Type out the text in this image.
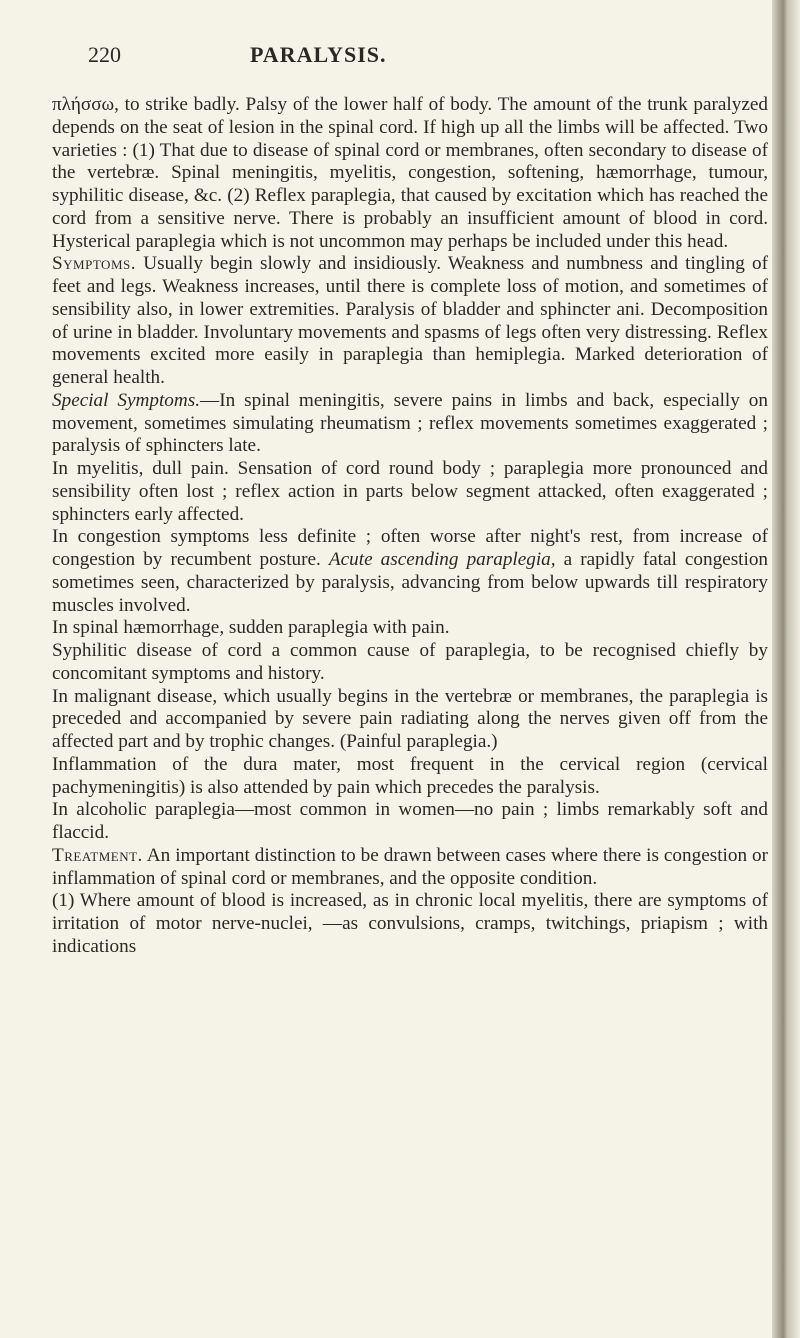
220	PARALYSIS.

πλήσσω, to strike badly. Palsy of the lower half of body. The amount of the trunk paralyzed depends on the seat of lesion in the spinal cord. If high up all the limbs will be affected. Two varieties : (1) That due to disease of spinal cord or membranes, often secondary to disease of the vertebræ. Spinal meningitis, myelitis, congestion, softening, hæmorrhage, tumour, syphilitic disease, &c. (2) Reflex paraplegia, that caused by excitation which has reached the cord from a sensitive nerve. There is probably an insufficient amount of blood in cord. Hysterical paraplegia which is not uncommon may perhaps be included under this head.

Symptoms. Usually begin slowly and insidiously. Weakness and numbness and tingling of feet and legs. Weakness increases, until there is complete loss of motion, and sometimes of sensibility also, in lower extremities. Paralysis of bladder and sphincter ani. Decomposition of urine in bladder. Involuntary movements and spasms of legs often very distressing. Reflex movements excited more easily in paraplegia than hemiplegia. Marked deterioration of general health.

Special Symptoms.—In spinal meningitis, severe pains in limbs and back, especially on movement, sometimes simulating rheumatism ; reflex movements sometimes exaggerated ; paralysis of sphincters late.

In myelitis, dull pain. Sensation of cord round body ; paraplegia more pronounced and sensibility often lost ; reflex action in parts below segment attacked, often exaggerated ; sphincters early affected.

In congestion symptoms less definite ; often worse after night's rest, from increase of congestion by recumbent posture. Acute ascending paraplegia, a rapidly fatal congestion sometimes seen, characterized by paralysis, advancing from below upwards till respiratory muscles involved.

In spinal hæmorrhage, sudden paraplegia with pain.

Syphilitic disease of cord a common cause of paraplegia, to be recognised chiefly by concomitant symptoms and history.

In malignant disease, which usually begins in the vertebræ or membranes, the paraplegia is preceded and accompanied by severe pain radiating along the nerves given off from the affected part and by trophic changes. (Painful paraplegia.)

Inflammation of the dura mater, most frequent in the cervical region (cervical pachymeningitis) is also attended by pain which precedes the paralysis.

In alcoholic paraplegia—most common in women—no pain ; limbs remarkably soft and flaccid.

Treatment. An important distinction to be drawn between cases where there is congestion or inflammation of spinal cord or membranes, and the opposite condition.

(1) Where amount of blood is increased, as in chronic local myelitis, there are symptoms of irritation of motor nerve-nuclei, —as convulsions, cramps, twitchings, priapism ; with indications
